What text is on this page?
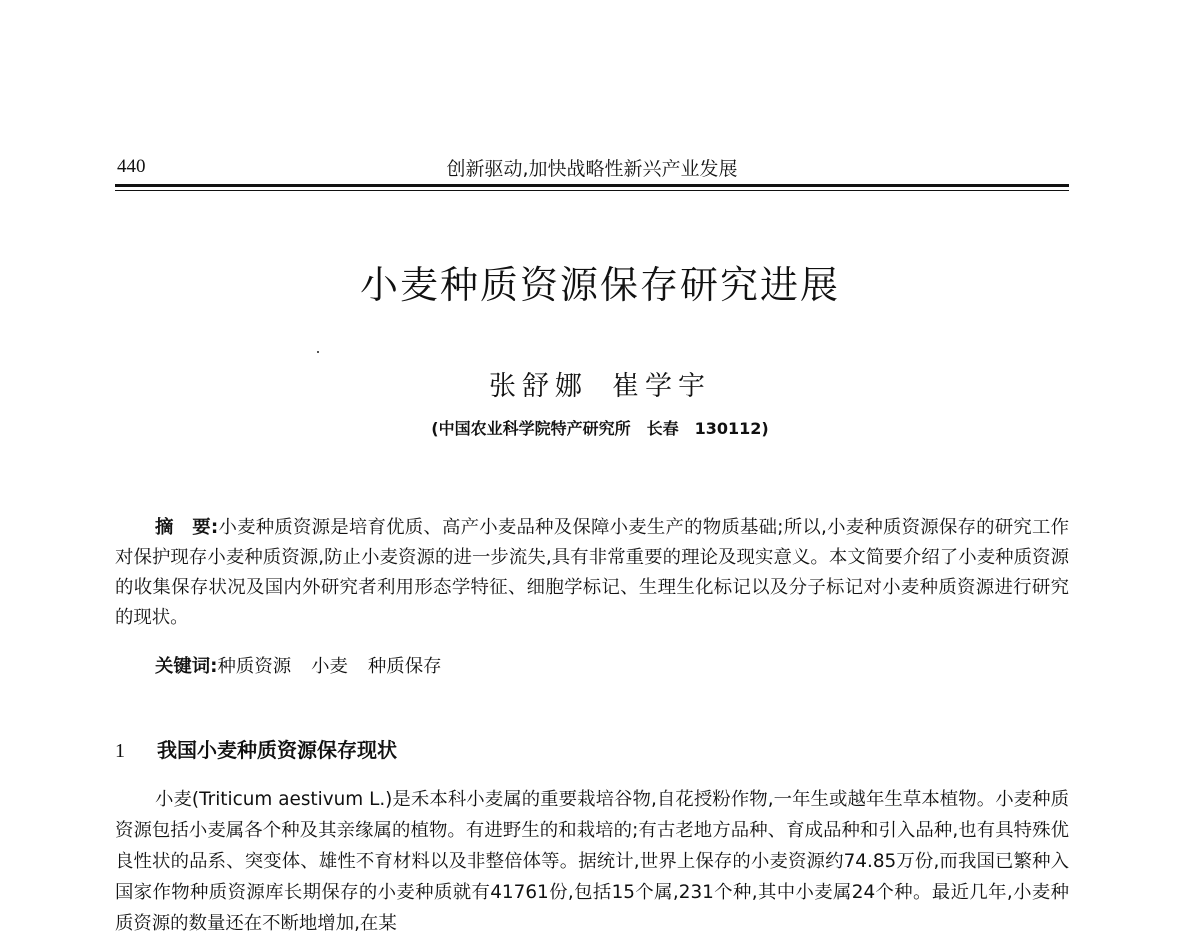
440	创新驱动,加快战略性新兴产业发展
小麦种质资源保存研究进展
张舒娜 崔学宇
(中国农业科学院特产研究所 长春 130112)
摘　要:小麦种质资源是培育优质、高产小麦品种及保障小麦生产的物质基础;所以,小麦种质资源保存的研究工作对保护现存小麦种质资源,防止小麦资源的进一步流失,具有非常重要的理论及现实意义。本文简要介绍了小麦种质资源的收集保存状况及国内外研究者利用形态学特征、细胞学标记、生理生化标记以及分子标记对小麦种质资源进行研究的现状。
关键词:种质资源 小麦 种质保存
1 我国小麦种质资源保存现状
小麦(Triticum aestivum L.)是禾本科小麦属的重要栽培谷物,自花授粉作物,一年生或越年生草本植物。小麦种质资源包括小麦属各个种及其亲缘属的植物。有进野生的和栽培的;有古老地方品种、育成品种和引入品种,也有具特殊优良性状的品系、突变体、雄性不育材料以及非整倍体等。据统计,世界上保存的小麦资源约74.85万份,而我国已繁种入国家作物种质资源库长期保存的小麦种质就有41761份,包括15个属,231个种,其中小麦属24个种。最近几年,小麦种质资源的数量还在不断地增加,在某
